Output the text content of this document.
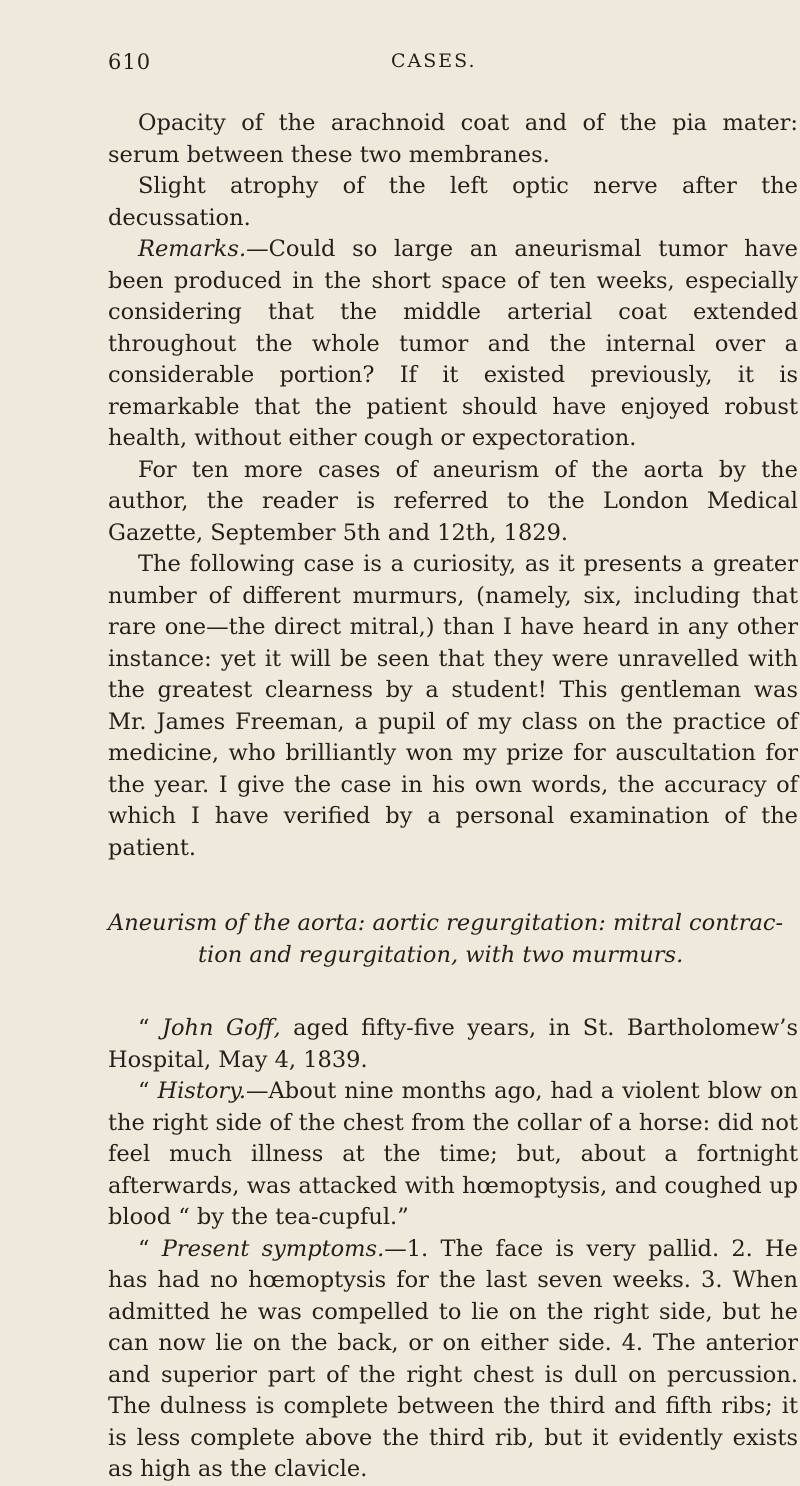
610	CASES.

Opacity of the arachnoid coat and of the pia mater: serum between these two membranes.

Slight atrophy of the left optic nerve after the decussation.

Remarks.—Could so large an aneurismal tumor have been produced in the short space of ten weeks, especially considering that the middle arterial coat extended throughout the whole tumor and the internal over a considerable portion? If it existed previously, it is remarkable that the patient should have enjoyed robust health, without either cough or expectoration.

For ten more cases of aneurism of the aorta by the author, the reader is referred to the London Medical Gazette, September 5th and 12th, 1829.

The following case is a curiosity, as it presents a greater number of different murmurs, (namely, six, including that rare one—the direct mitral,) than I have heard in any other instance: yet it will be seen that they were unravelled with the greatest clearness by a student! This gentleman was Mr. James Freeman, a pupil of my class on the practice of medicine, who brilliantly won my prize for auscultation for the year. I give the case in his own words, the accuracy of which I have verified by a personal examination of the patient.

Aneurism of the aorta: aortic regurgitation: mitral contrac-
tion and regurgitation, with two murmurs.

“ John Goff, aged fifty-five years, in St. Bartholomew’s Hospital, May 4, 1839.

“ History.—About nine months ago, had a violent blow on the right side of the chest from the collar of a horse: did not feel much illness at the time; but, about a fortnight afterwards, was attacked with hœmoptysis, and coughed up blood “ by the tea-cupful.”

“ Present symptoms.—1. The face is very pallid. 2. He has had no hœmoptysis for the last seven weeks. 3. When admitted he was compelled to lie on the right side, but he can now lie on the back, or on either side. 4. The anterior and superior part of the right chest is dull on percussion. The dulness is complete between the third and fifth ribs; it is less complete above the third rib, but it evidently exists as high as the clavicle.
